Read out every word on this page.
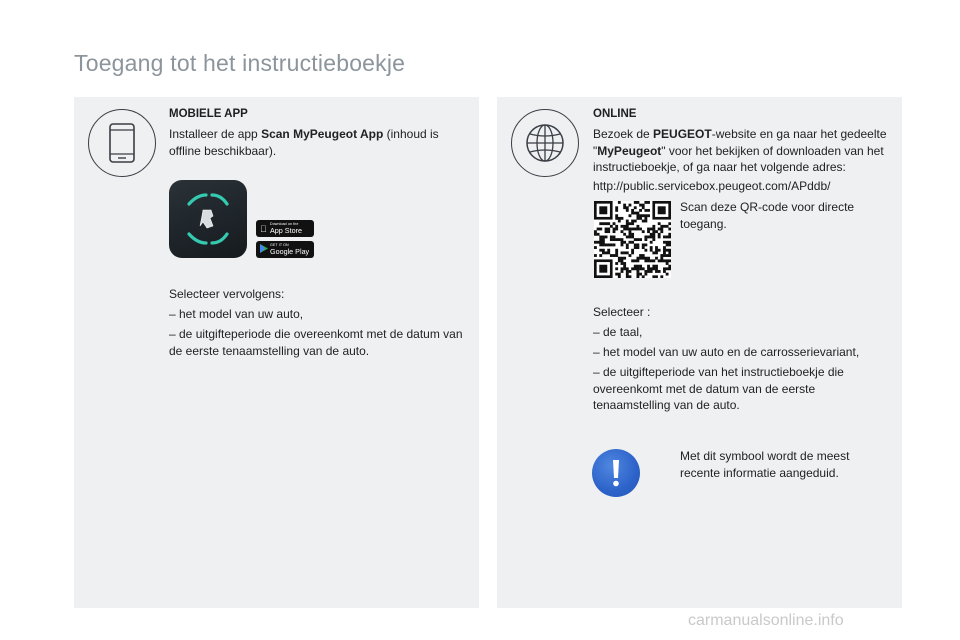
Toegang tot het instructieboekje
MOBIELE APP
Installeer de app Scan MyPeugeot App (inhoud is offline beschikbaar).
Download on the
App Store
GET IT ON
Google Play
Selecteer vervolgens:
– het model van uw auto,
– de uitgifteperiode die overeenkomt met de datum van de eerste tenaamstelling van de auto.
ONLINE
Bezoek de PEUGEOT-website en ga naar het gedeelte "MyPeugeot" voor het bekijken of downloaden van het instructieboekje, of ga naar het volgende adres:
http://public.servicebox.peugeot.com/APddb/
Scan deze QR-code voor directe toegang.
Selecteer :
– de taal,
– het model van uw auto en de carrosserievariant,
– de uitgifteperiode van het instructieboekje die overeenkomt met de datum van de eerste tenaamstelling van de auto.
Met dit symbool wordt de meest recente informatie aangeduid.
carmanualsonline.info
